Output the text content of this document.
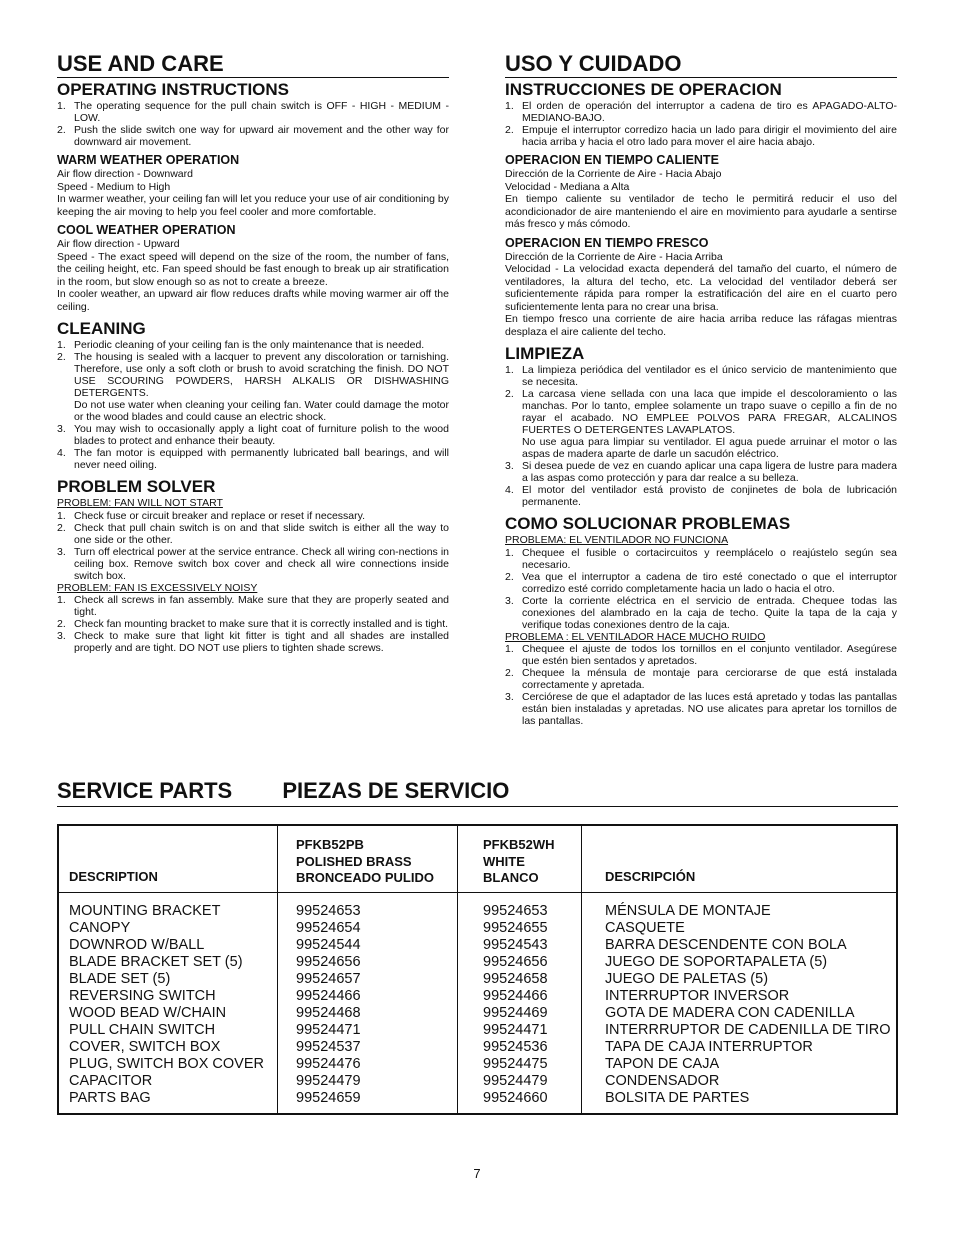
USE AND CARE
OPERATING INSTRUCTIONS
1. The operating sequence for the pull chain switch is OFF - HIGH - MEDIUM - LOW.
2. Push the slide switch one way for upward air movement and the other way for downward air movement.
WARM WEATHER OPERATION

Air flow direction - Downward

Speed - Medium to High

In warmer weather, your ceiling fan will let you reduce your use of air conditioning by keeping the air moving to help you feel cooler and more comfortable.

COOL WEATHER OPERATION

Air flow direction - Upward

Speed - The exact speed will depend on the size of the room, the number of fans, the ceiling height, etc. Fan speed should be fast enough to break up air stratification in the room, but slow enough so as not to create a breeze.

In cooler weather, an upward air flow reduces drafts while moving warmer air off the ceiling.

CLEANING
1. Periodic cleaning of your ceiling fan is the only maintenance that is needed.
2. The housing is sealed with a lacquer to prevent any discoloration or tarnishing. Therefore, use only a soft cloth or brush to avoid scratching the finish. DO NOT USE SCOURING POWDERS, HARSH ALKALIS OR DISHWASHING DETERGENTS.
Do not use water when cleaning your ceiling fan. Water could damage the motor or the wood blades and could cause an electric shock.
3. You may wish to occasionally apply a light coat of furniture polish to the wood blades to protect and enhance their beauty.
4. The fan motor is equipped with permanently lubricated ball bearings, and will never need oiling.
PROBLEM SOLVER

PROBLEM: FAN WILL NOT START

1. Check fuse or circuit breaker and replace or reset if necessary.
2. Check that pull chain switch is on and that slide switch is either all the way to one side or the other.
3. Turn off electrical power at the service entrance. Check all wiring con-nections in ceiling box. Remove switch box cover and check all wire connections inside switch box.

PROBLEM: FAN IS EXCESSIVELY NOISY

1. Check all screws in fan assembly. Make sure that they are properly seated and tight.
2. Check fan mounting bracket to make sure that it is correctly installed and is tight.
3. Check to make sure that light kit fitter is tight and all shades are installed properly and are tight. DO NOT use pliers to tighten shade screws.
USO Y CUIDADO
INSTRUCCIONES DE OPERACION
1. El orden de operación del interruptor a cadena de tiro es APAGADO-ALTO-MEDIANO-BAJO.
2. Empuje el interruptor corredizo hacia un lado para dirigir el movimiento del aire hacia arriba y hacia el otro lado para mover el aire hacia abajo.
OPERACION EN TIEMPO CALIENTE

Dirección de la Corriente de Aire - Hacia Abajo

Velocidad - Mediana a Alta

En tiempo caliente su ventilador de techo le permitirá reducir el uso del acondicionador de aire manteniendo el aire en movimiento para ayudarle a sentirse más fresco y más cómodo.

OPERACION EN TIEMPO FRESCO

Dirección de la Corriente de Aire - Hacia Arriba

Velocidad - La velocidad exacta dependerá del tamaño del cuarto, el número de ventiladores, la altura del techo, etc. La velocidad del ventilador deberá ser suficientemente rápida para romper la estratificación del aire en el cuarto pero suficientemente lenta para no crear una brisa.

En tiempo fresco una corriente de aire hacia arriba reduce las ráfagas mientras desplaza el aire caliente del techo.

LIMPIEZA
1. La limpieza periódica del ventilador es el único servicio de mantenimiento que se necesita.
2. La carcasa viene sellada con una laca que impide el descoloramiento o las manchas. Por lo tanto, emplee solamente un trapo suave o cepillo a fin de no rayar el acabado. NO EMPLEE POLVOS PARA FREGAR, ALCALINOS FUERTES O DETERGENTES LAVAPLATOS.
No use agua para limpiar su ventilador. El agua puede arruinar el motor o las aspas de madera aparte de darle un sacudón eléctrico.
3. Si desea puede de vez en cuando aplicar una capa ligera de lustre para madera a las aspas como protección y para dar realce a su belleza.
4. El motor del ventilador está provisto de conjinetes de bola de lubricación permanente.
COMO SOLUCIONAR PROBLEMAS

PROBLEMA: EL VENTILADOR NO FUNCIONA

1. Chequee el fusible o cortacircuitos y reemplácelo o reajústelo según sea necesario.
2. Vea que el interruptor a cadena de tiro esté conectado o que el interruptor corredizo esté corrido completamente hacia un lado o hacia el otro.
3. Corte la corriente eléctrica en el servicio de entrada. Chequee todas las conexiones del alambrado en la caja de techo. Quite la tapa de la caja y verifique todas conexiones dentro de la caja.

PROBLEMA : EL VENTILADOR HACE MUCHO RUIDO

1. Chequee el ajuste de todos los tornillos en el conjunto ventilador. Asegúrese que estén bien sentados y apretados.
2. Chequee la ménsula de montaje para cerciorarse de que está instalada correctamente y apretada.
3. Cerciórese de que el adaptador de las luces está apretado y todas las pantallas están bien instaladas y apretadas. NO use alicates para apretar los tornillos de las pantallas.
SERVICE PARTS PIEZAS DE SERVICIO
DESCRIPTION
MOUNTING BRACKET
CANOPY
DOWNROD W/BALL
BLADE BRACKET SET (5)
BLADE SET (5)
REVERSING SWITCH
WOOD BEAD W/CHAIN
PULL CHAIN SWITCH
COVER, SWITCH BOX
PLUG, SWITCH BOX COVER
CAPACITOR
PARTS BAG
PFKB52PB
POLISHED BRASS
BRONCEADO PULIDO
99524653
99524654
99524544
99524656
99524657
99524466
99524468
99524471
99524537
99524476
99524479
99524659
PFKB52WH
WHITE
BLANCO
99524653
99524655
99524543
99524656
99524658
99524466
99524469
99524471
99524536
99524475
99524479
99524660
DESCRIPCIÓN
MÉNSULA DE MONTAJE
CASQUETE
BARRA DESCENDENTE CON BOLA
JUEGO DE SOPORTAPALETA (5)
JUEGO DE PALETAS (5)
INTERRUPTOR INVERSOR
GOTA DE MADERA CON CADENILLA
INTERRRUPTOR DE CADENILLA DE TIRO
TAPA DE CAJA INTERRUPTOR
TAPON DE CAJA
CONDENSADOR
BOLSITA DE PARTES
7
